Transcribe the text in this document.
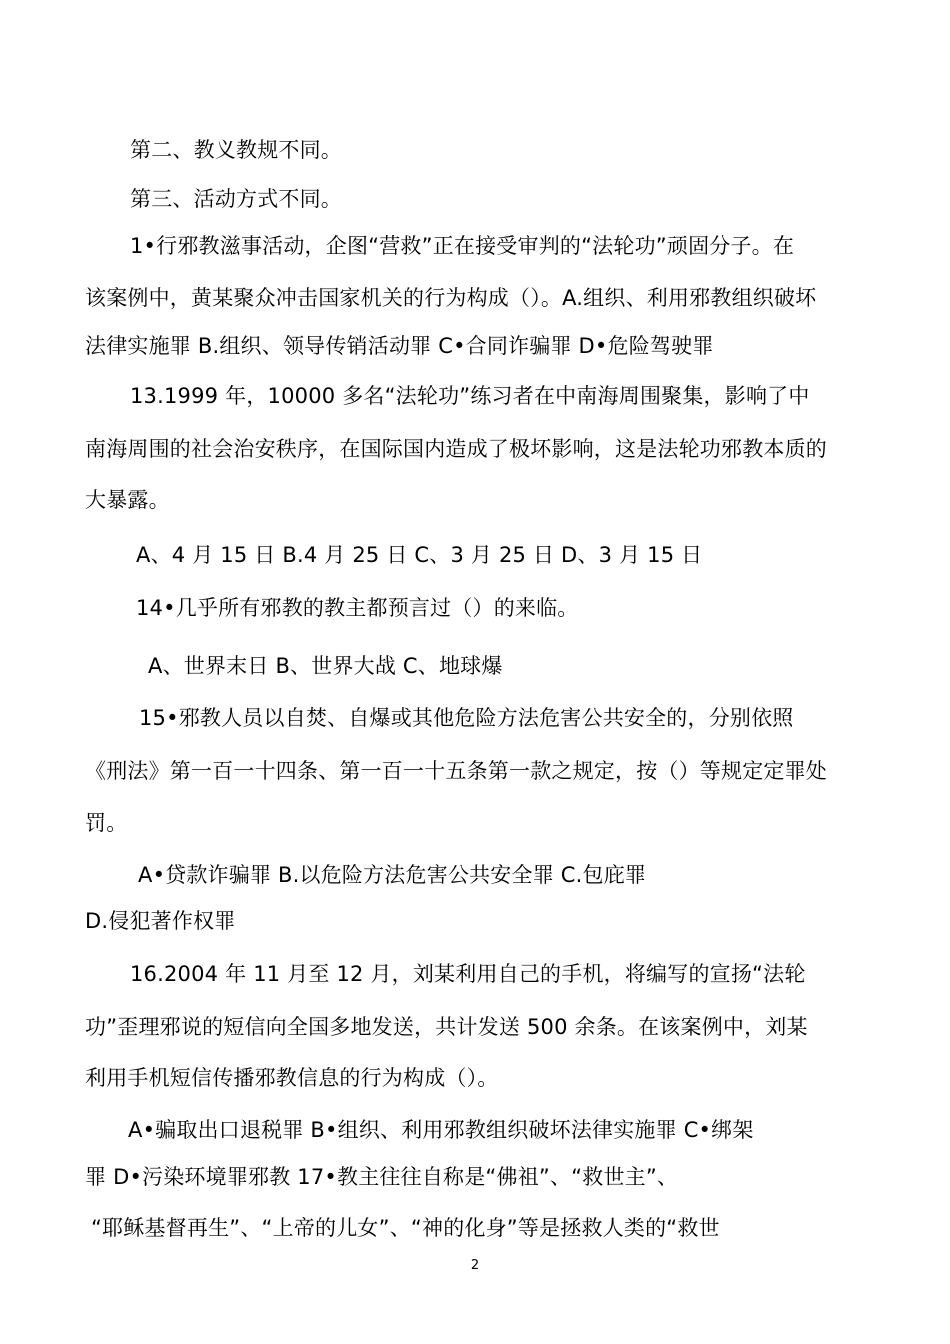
第二、教义教规不同。
第三、活动方式不同。
1•行邪教滋事活动，企图“营救”正在接受审判的“法轮功”顽固分子。在
该案例中，黄某聚众冲击国家机关的行为构成（）。A.组织、利用邪教组织破坏
法律实施罪 B.组织、领导传销活动罪 C•合同诈骗罪 D•危险驾驶罪
13.1999 年，10000 多名“法轮功”练习者在中南海周围聚集，影响了中
南海周围的社会治安秩序，在国际国内造成了极坏影响，这是法轮功邪教本质的
大暴露。
A、4 月 15 日 B.4 月 25 日 C、3 月 25 日 D、3 月 15 日
14•几乎所有邪教的教主都预言过（）的来临。
A、世界末日 B、世界大战 C、地球爆
15•邪教人员以自焚、自爆或其他危险方法危害公共安全的，分别依照
《刑法》第一百一十四条、第一百一十五条第一款之规定，按（）等规定定罪处
罚。
A•贷款诈骗罪 B.以危险方法危害公共安全罪 C.包庇罪
D.侵犯著作权罪
16.2004 年 11 月至 12 月，刘某利用自己的手机，将编写的宣扬“法轮
功”歪理邪说的短信向全国多地发送，共计发送 500 余条。在该案例中，刘某
利用手机短信传播邪教信息的行为构成（）。
A•骗取出口退税罪 B•组织、利用邪教组织破坏法律实施罪 C•绑架
罪 D•污染环境罪邪教 17•教主往往自称是“佛祖”、“救世主”、
“耶稣基督再生”、“上帝的儿女”、“神的化身”等是拯救人类的“救世
2
